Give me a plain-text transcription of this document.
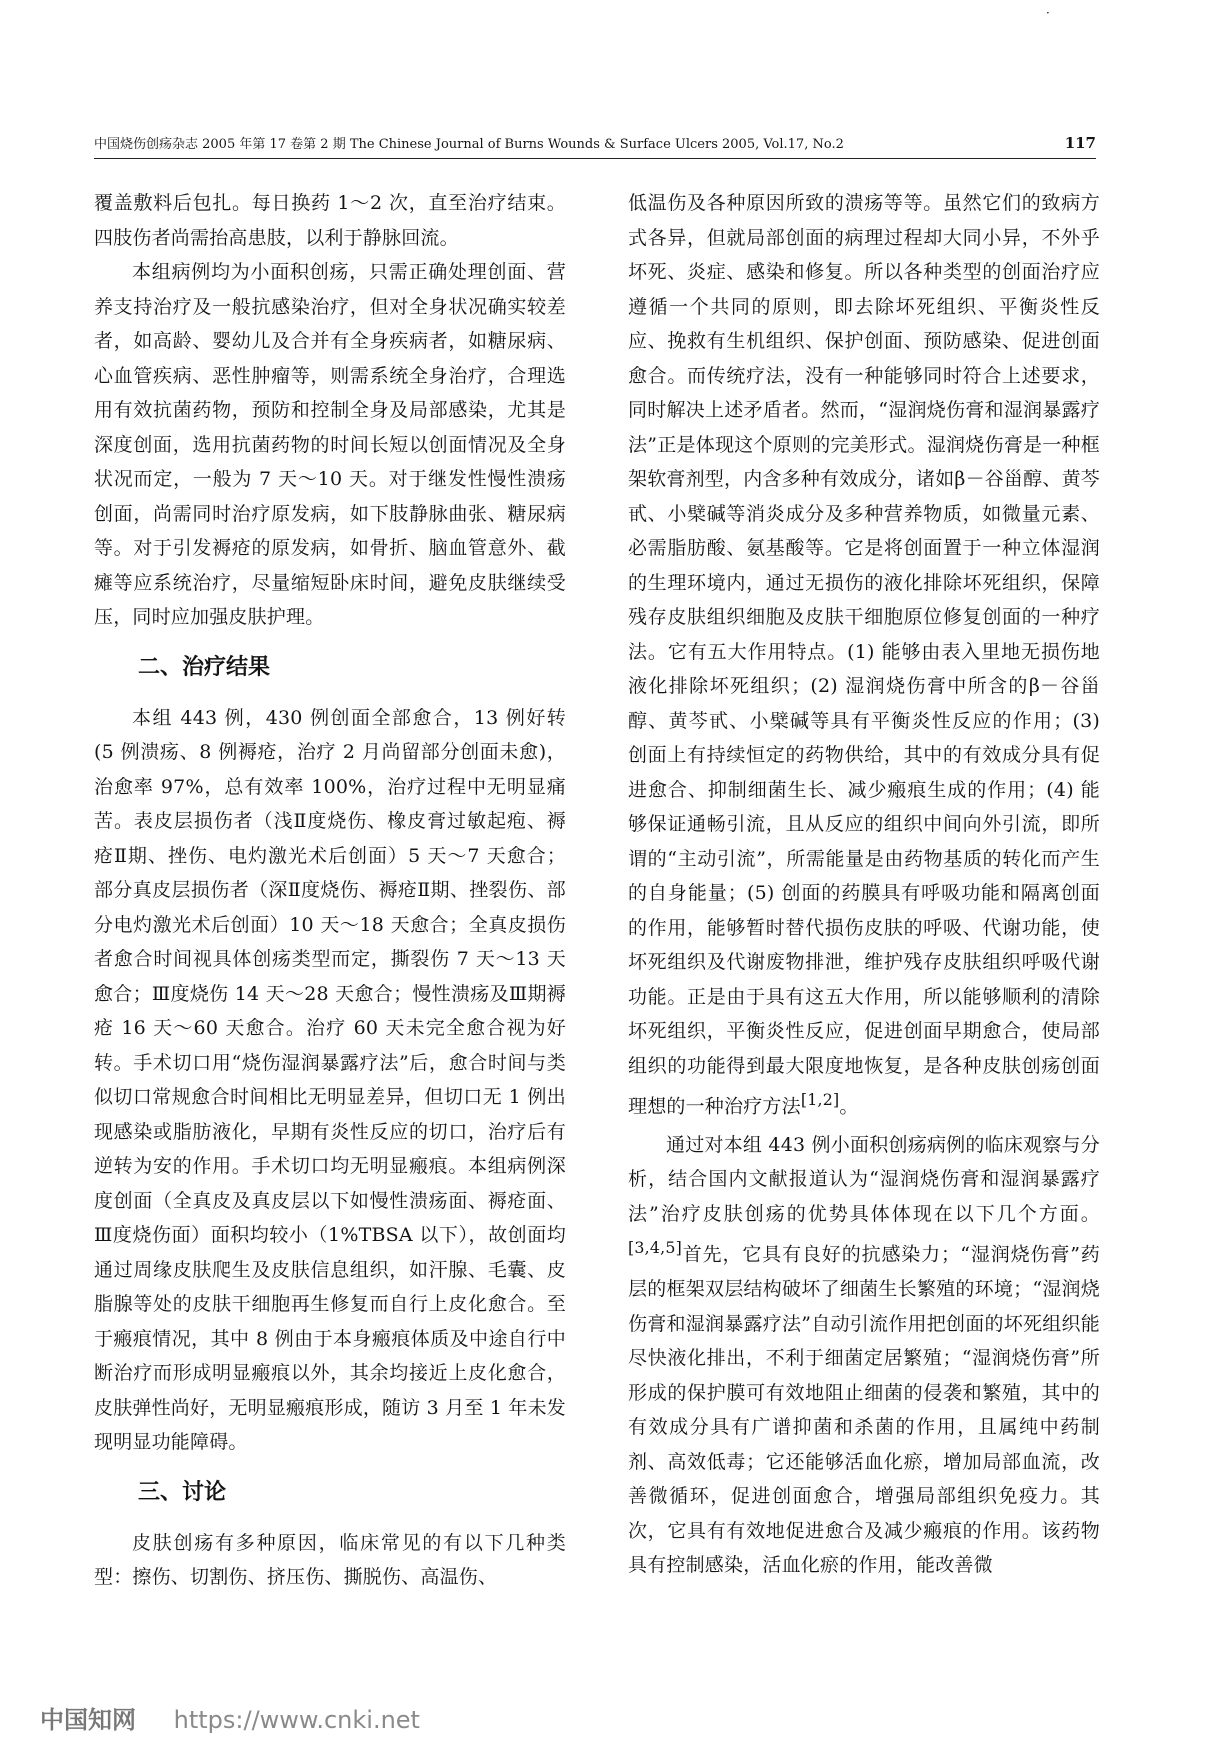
·
中国烧伤创疡杂志 2005 年第 17 卷第 2 期 The Chinese Journal of Burns Wounds & Surface Ulcers 2005, Vol.17, No.2	117

覆盖敷料后包扎。每日换药 1～2 次，直至治疗结束。四肢伤者尚需抬高患肢，以利于静脉回流。

本组病例均为小面积创疡，只需正确处理创面、营养支持治疗及一般抗感染治疗，但对全身状况确实较差者，如高龄、婴幼儿及合并有全身疾病者，如糖尿病、心血管疾病、恶性肿瘤等，则需系统全身治疗，合理选用有效抗菌药物，预防和控制全身及局部感染，尤其是深度创面，选用抗菌药物的时间长短以创面情况及全身状况而定，一般为 7 天～10 天。对于继发性慢性溃疡创面，尚需同时治疗原发病，如下肢静脉曲张、糖尿病等。对于引发褥疮的原发病，如骨折、脑血管意外、截瘫等应系统治疗，尽量缩短卧床时间，避免皮肤继续受压，同时应加强皮肤护理。

二、治疗结果

本组 443 例，430 例创面全部愈合，13 例好转 (5 例溃疡、8 例褥疮，治疗 2 月尚留部分创面未愈)，治愈率 97%，总有效率 100%，治疗过程中无明显痛苦。表皮层损伤者（浅Ⅱ度烧伤、橡皮膏过敏起疱、褥疮Ⅱ期、挫伤、电灼激光术后创面）5 天～7 天愈合；部分真皮层损伤者（深Ⅱ度烧伤、褥疮Ⅱ期、挫裂伤、部分电灼激光术后创面）10 天～18 天愈合；全真皮损伤者愈合时间视具体创疡类型而定，撕裂伤 7 天～13 天愈合；Ⅲ度烧伤 14 天～28 天愈合；慢性溃疡及Ⅲ期褥疮 16 天～60 天愈合。治疗 60 天未完全愈合视为好转。手术切口用“烧伤湿润暴露疗法”后，愈合时间与类似切口常规愈合时间相比无明显差异，但切口无 1 例出现感染或脂肪液化，早期有炎性反应的切口，治疗后有逆转为安的作用。手术切口均无明显瘢痕。本组病例深度创面（全真皮及真皮层以下如慢性溃疡面、褥疮面、Ⅲ度烧伤面）面积均较小（1%TBSA 以下），故创面均通过周缘皮肤爬生及皮肤信息组织，如汗腺、毛囊、皮脂腺等处的皮肤干细胞再生修复而自行上皮化愈合。至于瘢痕情况，其中 8 例由于本身瘢痕体质及中途自行中断治疗而形成明显瘢痕以外，其余均接近上皮化愈合，皮肤弹性尚好，无明显瘢痕形成，随访 3 月至 1 年未发现明显功能障碍。

三、讨论

皮肤创疡有多种原因，临床常见的有以下几种类型：擦伤、切割伤、挤压伤、撕脱伤、高温伤、

低温伤及各种原因所致的溃疡等等。虽然它们的致病方式各异，但就局部创面的病理过程却大同小异，不外乎坏死、炎症、感染和修复。所以各种类型的创面治疗应遵循一个共同的原则，即去除坏死组织、平衡炎性反应、挽救有生机组织、保护创面、预防感染、促进创面愈合。而传统疗法，没有一种能够同时符合上述要求，同时解决上述矛盾者。然而，“湿润烧伤膏和湿润暴露疗法”正是体现这个原则的完美形式。湿润烧伤膏是一种框架软膏剂型，内含多种有效成分，诸如β－谷甾醇、黄芩甙、小檗碱等消炎成分及多种营养物质，如微量元素、必需脂肪酸、氨基酸等。它是将创面置于一种立体湿润的生理环境内，通过无损伤的液化排除坏死组织，保障残存皮肤组织细胞及皮肤干细胞原位修复创面的一种疗法。它有五大作用特点。(1) 能够由表入里地无损伤地液化排除坏死组织；(2) 湿润烧伤膏中所含的β－谷甾醇、黄芩甙、小檗碱等具有平衡炎性反应的作用；(3) 创面上有持续恒定的药物供给，其中的有效成分具有促进愈合、抑制细菌生长、减少瘢痕生成的作用；(4) 能够保证通畅引流，且从反应的组织中间向外引流，即所谓的“主动引流”，所需能量是由药物基质的转化而产生的自身能量；(5) 创面的药膜具有呼吸功能和隔离创面的作用，能够暂时替代损伤皮肤的呼吸、代谢功能，使坏死组织及代谢废物排泄，维护残存皮肤组织呼吸代谢功能。正是由于具有这五大作用，所以能够顺利的清除坏死组织，平衡炎性反应，促进创面早期愈合，使局部组织的功能得到最大限度地恢复，是各种皮肤创疡创面理想的一种治疗方法[1,2]。

通过对本组 443 例小面积创疡病例的临床观察与分析，结合国内文献报道认为“湿润烧伤膏和湿润暴露疗法”治疗皮肤创疡的优势具体体现在以下几个方面。[3,4,5]首先，它具有良好的抗感染力；“湿润烧伤膏”药层的框架双层结构破坏了细菌生长繁殖的环境；“湿润烧伤膏和湿润暴露疗法”自动引流作用把创面的坏死组织能尽快液化排出，不利于细菌定居繁殖；“湿润烧伤膏”所形成的保护膜可有效地阻止细菌的侵袭和繁殖，其中的有效成分具有广谱抑菌和杀菌的作用，且属纯中药制剂、高效低毒；它还能够活血化瘀，增加局部血流，改善微循环，促进创面愈合，增强局部组织免疫力。其次，它具有有效地促进愈合及减少瘢痕的作用。该药物具有控制感染，活血化瘀的作用，能改善微

中国知网 https://www.cnki.net
